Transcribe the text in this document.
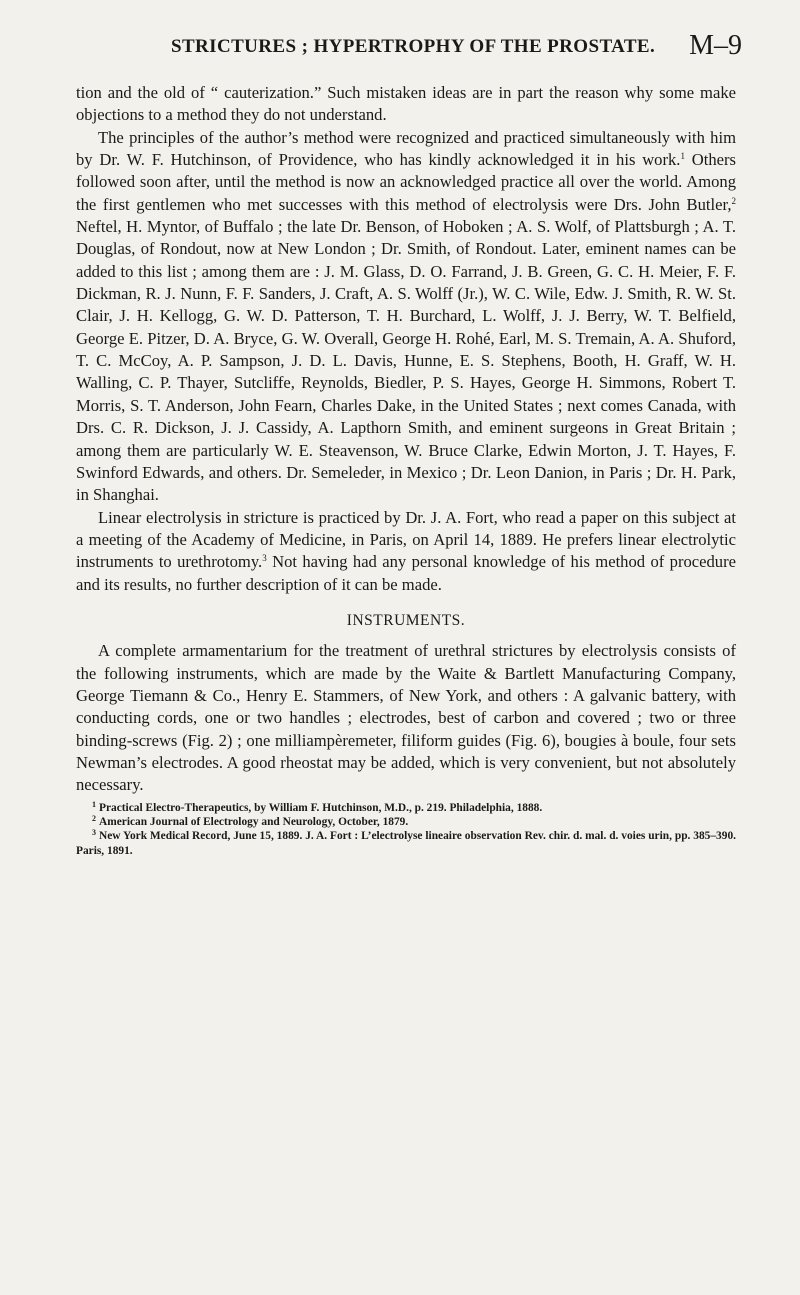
STRICTURES ; HYPERTROPHY OF THE PROSTATE. M–9

tion and the old of “ cauterization.” Such mistaken ideas are in part the reason why some make objections to a method they do not understand.

The principles of the author’s method were recognized and practiced simultaneously with him by Dr. W. F. Hutchinson, of Providence, who has kindly acknowledged it in his work.$^1$ Others followed soon after, until the method is now an acknowledged practice all over the world. Among the first gentlemen who met successes with this method of electrolysis were Drs. John Butler,$^2$ Neftel, H. Myntor, of Buffalo ; the late Dr. Benson, of Hoboken ; A. S. Wolf, of Plattsburgh ; A. T. Douglas, of Rondout, now at New London ; Dr. Smith, of Rondout. Later, eminent names can be added to this list ; among them are : J. M. Glass, D. O. Farrand, J. B. Green, G. C. H. Meier, F. F. Dickman, R. J. Nunn, F. F. Sanders, J. Craft, A. S. Wolff (Jr.), W. C. Wile, Edw. J. Smith, R. W. St. Clair, J. H. Kellogg, G. W. D. Patterson, T. H. Burchard, L. Wolff, J. J. Berry, W. T. Belfield, George E. Pitzer, D. A. Bryce, G. W. Overall, George H. Rohé, Earl, M. S. Tremain, A. A. Shuford, T. C. McCoy, A. P. Sampson, J. D. L. Davis, Hunne, E. S. Stephens, Booth, H. Graff, W. H. Walling, C. P. Thayer, Sutcliffe, Reynolds, Biedler, P. S. Hayes, George H. Simmons, Robert T. Morris, S. T. Anderson, John Fearn, Charles Dake, in the United States ; next comes Canada, with Drs. C. R. Dickson, J. J. Cassidy, A. Lapthorn Smith, and eminent surgeons in Great Britain ; among them are particularly W. E. Steavenson, W. Bruce Clarke, Edwin Morton, J. T. Hayes, F. Swinford Edwards, and others. Dr. Semeleder, in Mexico ; Dr. Leon Danion, in Paris ; Dr. H. Park, in Shanghai.

Linear electrolysis in stricture is practiced by Dr. J. A. Fort, who read a paper on this subject at a meeting of the Academy of Medicine, in Paris, on April 14, 1889. He prefers linear electrolytic instruments to urethrotomy.$^3$ Not having had any personal knowledge of his method of procedure and its results, no further description of it can be made.

INSTRUMENTS.

A complete armamentarium for the treatment of urethral strictures by electrolysis consists of the following instruments, which are made by the Waite & Bartlett Manufacturing Company, George Tiemann & Co., Henry E. Stammers, of New York, and others : A galvanic battery, with conducting cords, one or two handles ; electrodes, best of carbon and covered ; two or three binding-screws (Fig. 2) ; one milliampèremeter, filiform guides (Fig. 6), bougies à boule, four sets Newman’s electrodes. A good rheostat may be added, which is very convenient, but not absolutely necessary.

$^1$ Practical Electro-Therapeutics, by William F. Hutchinson, M.D., p. 219. Philadelphia, 1888.

$^2$ American Journal of Electrology and Neurology, October, 1879.

$^3$ New York Medical Record, June 15, 1889. J. A. Fort : L’electrolyse lineaire observation Rev. chir. d. mal. d. voies urin, pp. 385–390. Paris, 1891.
